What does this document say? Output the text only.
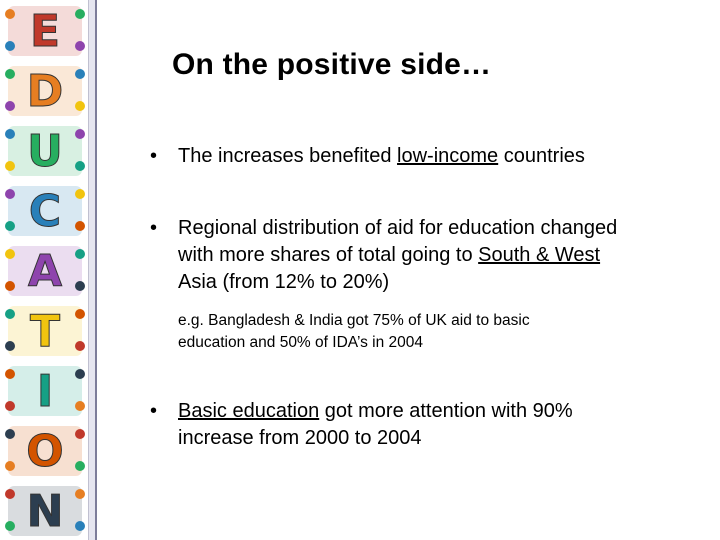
E
D
U
C
A
T
I
O
N
On the positive side…
•	The increases benefited low-income countries
•	Regional distribution of aid for education changed
with more shares of total going to South & West
Asia (from 12% to 20%)
e.g. Bangladesh & India got 75% of UK aid to basic
education and 50% of IDA’s in 2004
•	Basic education got more attention with 90%
increase from 2000 to 2004
